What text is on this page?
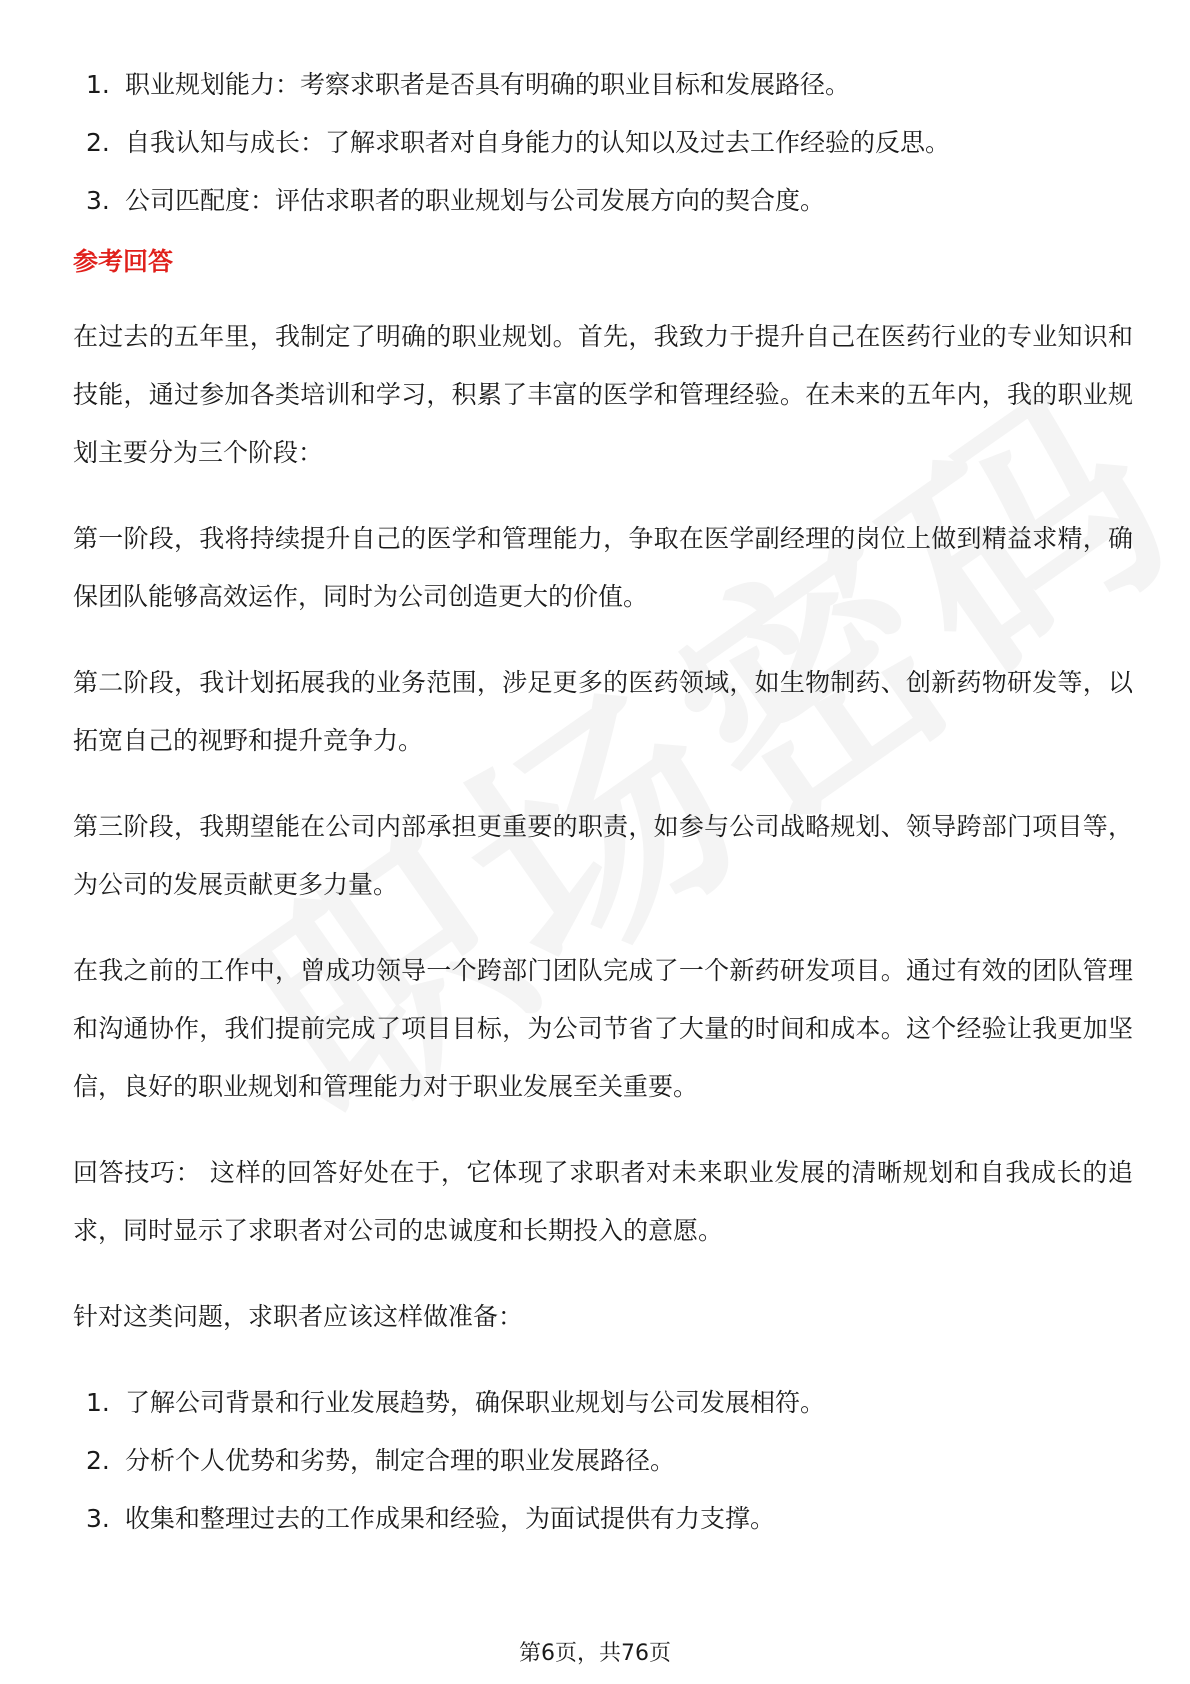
1. 职业规划能力：考察求职者是否具有明确的职业目标和发展路径。
2. 自我认知与成长：了解求职者对自身能力的认知以及过去工作经验的反思。
3. 公司匹配度：评估求职者的职业规划与公司发展方向的契合度。
参考回答

在过去的五年里，我制定了明确的职业规划。首先，我致力于提升自己在医药行业的专业知识和技能，通过参加各类培训和学习，积累了丰富的医学和管理经验。在未来的五年内，我的职业规划主要分为三个阶段：

第一阶段，我将持续提升自己的医学和管理能力，争取在医学副经理的岗位上做到精益求精，确保团队能够高效运作，同时为公司创造更大的价值。

第二阶段，我计划拓展我的业务范围，涉足更多的医药领域，如生物制药、创新药物研发等，以拓宽自己的视野和提升竞争力。

第三阶段，我期望能在公司内部承担更重要的职责，如参与公司战略规划、领导跨部门项目等，为公司的发展贡献更多力量。

在我之前的工作中，曾成功领导一个跨部门团队完成了一个新药研发项目。通过有效的团队管理和沟通协作，我们提前完成了项目目标，为公司节省了大量的时间和成本。这个经验让我更加坚信，良好的职业规划和管理能力对于职业发展至关重要。

回答技巧： 这样的回答好处在于，它体现了求职者对未来职业发展的清晰规划和自我成长的追求，同时显示了求职者对公司的忠诚度和长期投入的意愿。

针对这类问题，求职者应该这样做准备：

1. 了解公司背景和行业发展趋势，确保职业规划与公司发展相符。
2. 分析个人优势和劣势，制定合理的职业发展路径。
3. 收集和整理过去的工作成果和经验，为面试提供有力支撑。
第6页，共76页
